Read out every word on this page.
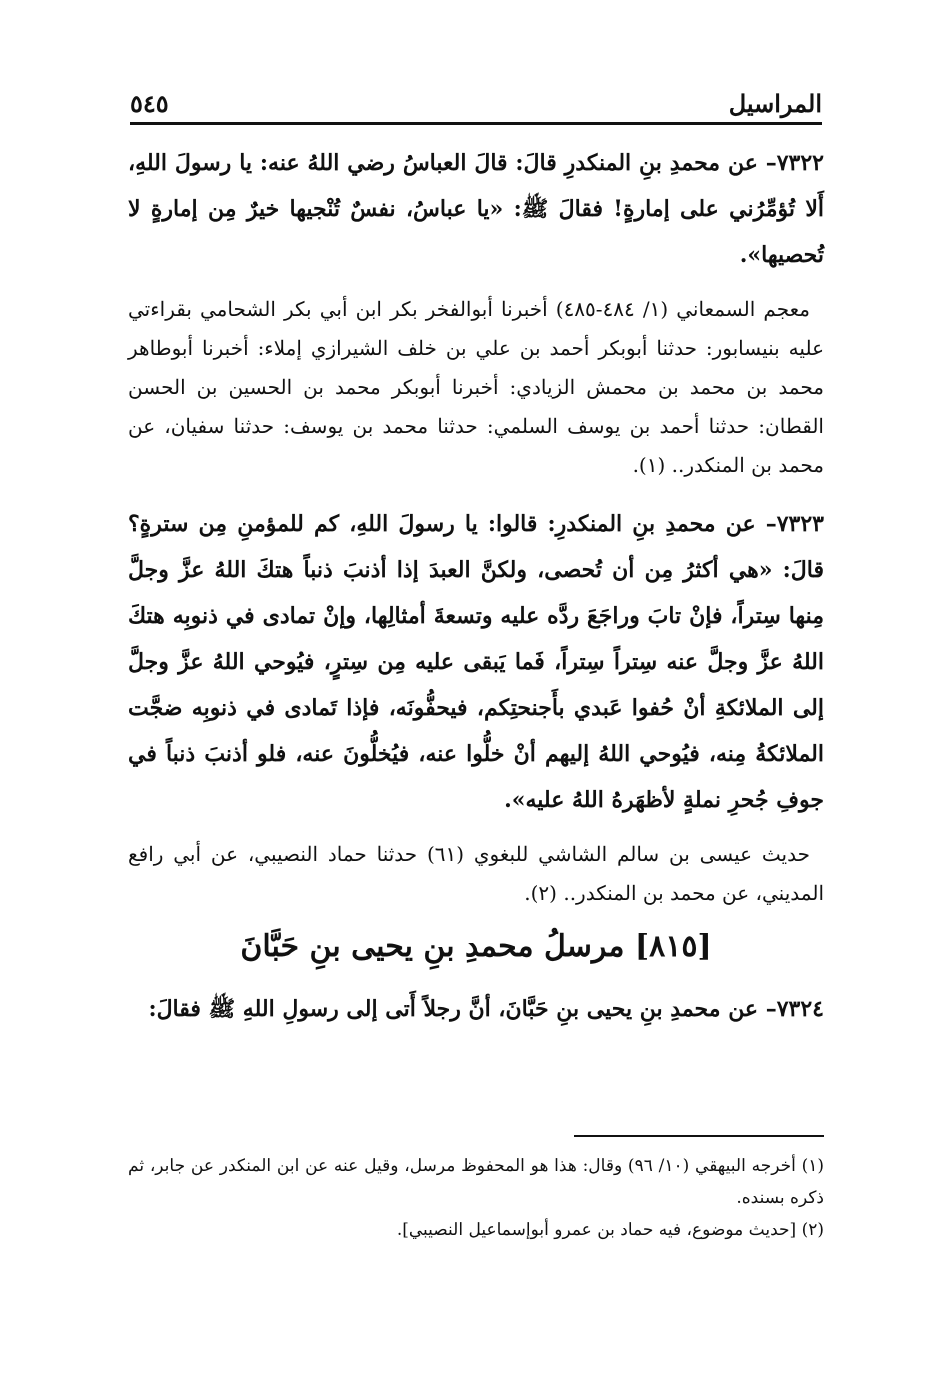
المراسيل
٥٤٥

٧٣٢٢– عن محمدِ بنِ المنكدرِ قالَ: قالَ العباسُ رضي اللهُ عنه: يا رسولَ اللهِ، أَلا تُؤمِّرُني على إمارةٍ! فقالَ ﷺ: «يا عباسُ، نفسٌ تُنْجيها خيرٌ مِن إمارةٍ لا تُحصيها».

معجم السمعاني (١/ ٤٨٤-٤٨٥) أخبرنا أبوالفخر بكر ابن أبي بكر الشحامي بقراءتي عليه بنيسابور: حدثنا أبوبكر أحمد بن علي بن خلف الشيرازي إملاء: أخبرنا أبوطاهر محمد بن محمد بن محمش الزيادي: أخبرنا أبوبكر محمد بن الحسين بن الحسن القطان: حدثنا أحمد بن يوسف السلمي: حدثنا محمد بن يوسف: حدثنا سفيان، عن محمد بن المنكدر.. (١).

٧٣٢٣– عن محمدِ بنِ المنكدرِ: قالوا: يا رسولَ اللهِ، كم للمؤمنِ مِن سترةٍ؟ قالَ: «هي أكثرُ مِن أن تُحصى، ولكنَّ العبدَ إذا أذنبَ ذنباً هتكَ اللهُ عزَّ وجلَّ مِنها سِتراً، فإنْ تابَ وراجَعَ ردَّه عليه وتسعةَ أمثالِها، وإنْ تمادى في ذنوبِه هتكَ اللهُ عزَّ وجلَّ عنه سِتراً سِتراً، فَما يَبقى عليه مِن سِترٍ، فيُوحي اللهُ عزَّ وجلَّ إلى الملائكةِ أنْ حُفوا عَبدي بأَجنحتِكم، فيحفُّونَه، فإذا تَمادى في ذنوبِه ضجَّت الملائكةُ مِنه، فيُوحي اللهُ إليهم أنْ خلُّوا عنه، فيُخلُّونَ عنه، فلو أذنبَ ذنباً في جوفِ جُحرِ نملةٍ لأظهَرهُ اللهُ عليه».

حديث عيسى بن سالم الشاشي للبغوي (٦١) حدثنا حماد النصيبي، عن أبي رافع المديني، عن محمد بن المنكدر.. (٢).

[٨١٥] مرسلُ محمدِ بنِ يحيى بنِ حَبَّانَ

٧٣٢٤– عن محمدِ بنِ يحيى بنِ حَبَّانَ، أنَّ رجلاً أَتى إلى رسولِ اللهِ ﷺ فقالَ:

(١) أخرجه البيهقي (١٠/ ٩٦) وقال: هذا هو المحفوظ مرسل، وقيل عنه عن ابن المنكدر عن جابر، ثم ذكره بسنده.

(٢) [حديث موضوع، فيه حماد بن عمرو أبوإسماعيل النصيبي].
